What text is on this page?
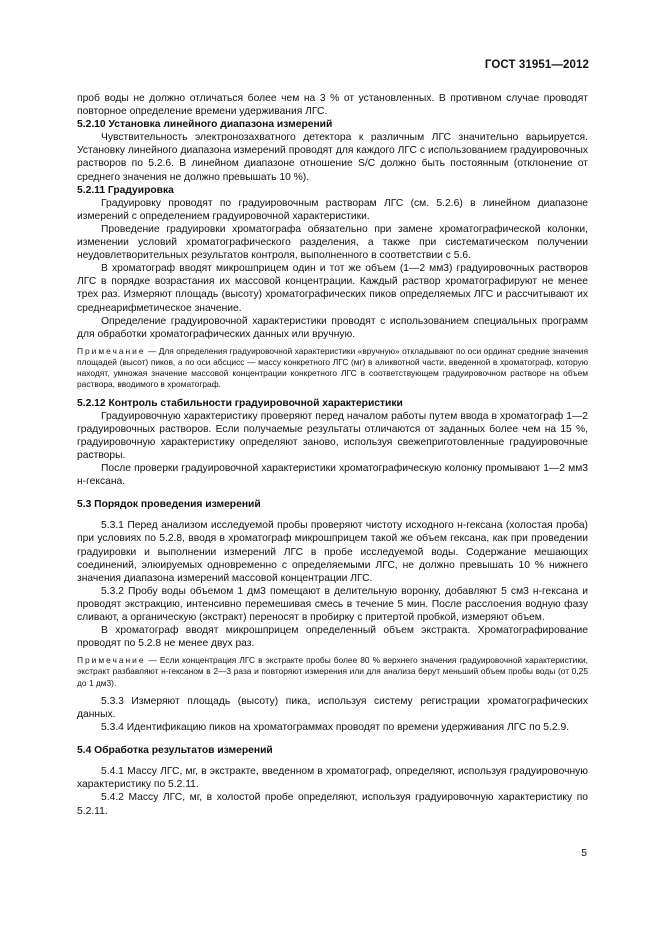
ГОСТ 31951—2012

проб воды не должно отличаться более чем на 3 % от установленных. В противном случае проводят повторное определение времени удерживания ЛГС.

5.2.10 Установка линейного диапазона измерений

Чувствительность электронозахватного детектора к различным ЛГС значительно варьируется. Установку линейного диапазона измерений проводят для каждого ЛГС с использованием градуировочных растворов по 5.2.6. В линейном диапазоне отношение S/C должно быть постоянным (отклонение от среднего значения не должно превышать 10 %).

5.2.11 Градуировка

Градуировку проводят по градуировочным растворам ЛГС (см. 5.2.6) в линейном диапазоне измерений с определением градуировочной характеристики.

Проведение градуировки хроматографа обязательно при замене хроматографической колонки, изменении условий хроматографического разделения, а также при систематическом получении неудовлетворительных результатов контроля, выполненного в соответствии с 5.6.

В хроматограф вводят микрошприцем один и тот же объем (1—2 мм3) градуировочных растворов ЛГС в порядке возрастания их массовой концентрации. Каждый раствор хроматографируют не менее трех раз. Измеряют площадь (высоту) хроматографических пиков определяемых ЛГС и рассчитывают их среднеарифметическое значение.

Определение градуировочной характеристики проводят с использованием специальных программ для обработки хроматографических данных или вручную.

Примечание — Для определения градуировочной характеристики «вручную» откладывают по оси ординат средние значения площадей (высот) пиков, а по оси абсцисс — массу конкретного ЛГС (мг) в аликвотной части, введенной в хроматограф, которую находят, умножая значение массовой концентрации конкретного ЛГС в соответствующем градуировочном растворе на объем раствора, вводимого в хроматограф.

5.2.12 Контроль стабильности градуировочной характеристики

Градуировочную характеристику проверяют перед началом работы путем ввода в хроматограф 1—2 градуировочных растворов. Если получаемые результаты отличаются от заданных более чем на 15 %, градуировочную характеристику определяют заново, используя свежеприготовленные градуировочные растворы.

После проверки градуировочной характеристики хроматографическую колонку промывают 1—2 мм3 н-гексана.

5.3 Порядок проведения измерений

5.3.1 Перед анализом исследуемой пробы проверяют чистоту исходного н-гексана (холостая проба) при условиях по 5.2.8, вводя в хроматограф микрошприцем такой же объем гексана, как при проведении градуировки и выполнении измерений ЛГС в пробе исследуемой воды. Содержание мешающих соединений, элюируемых одновременно с определяемыми ЛГС, не должно превышать 10 % нижнего значения диапазона измерений массовой концентрации ЛГС.

5.3.2 Пробу воды объемом 1 дм3 помещают в делительную воронку, добавляют 5 см3 н-гексана и проводят экстракцию, интенсивно перемешивая смесь в течение 5 мин. После расслоения водную фазу сливают, а органическую (экстракт) переносят в пробирку с притертой пробкой, измеряют объем.

В хроматограф вводят микрошприцем определенный объем экстракта. Хроматографирование проводят по 5.2.8 не менее двух раз.

Примечание — Если концентрация ЛГС в экстракте пробы более 80 % верхнего значения градуировочной характеристики, экстракт разбавляют н-гексаном в 2—3 раза и повторяют измерения или для анализа берут меньший объем пробы воды (от 0,25 до 1 дм3).

5.3.3 Измеряют площадь (высоту) пика, используя систему регистрации хроматографических данных.

5.3.4 Идентификацию пиков на хроматограммах проводят по времени удерживания ЛГС по 5.2.9.

5.4 Обработка результатов измерений

5.4.1 Массу ЛГС, мг, в экстракте, введенном в хроматограф, определяют, используя градуировочную характеристику по 5.2.11.

5.4.2 Массу ЛГС, мг, в холостой пробе определяют, используя градуировочную характеристику по 5.2.11.

5
